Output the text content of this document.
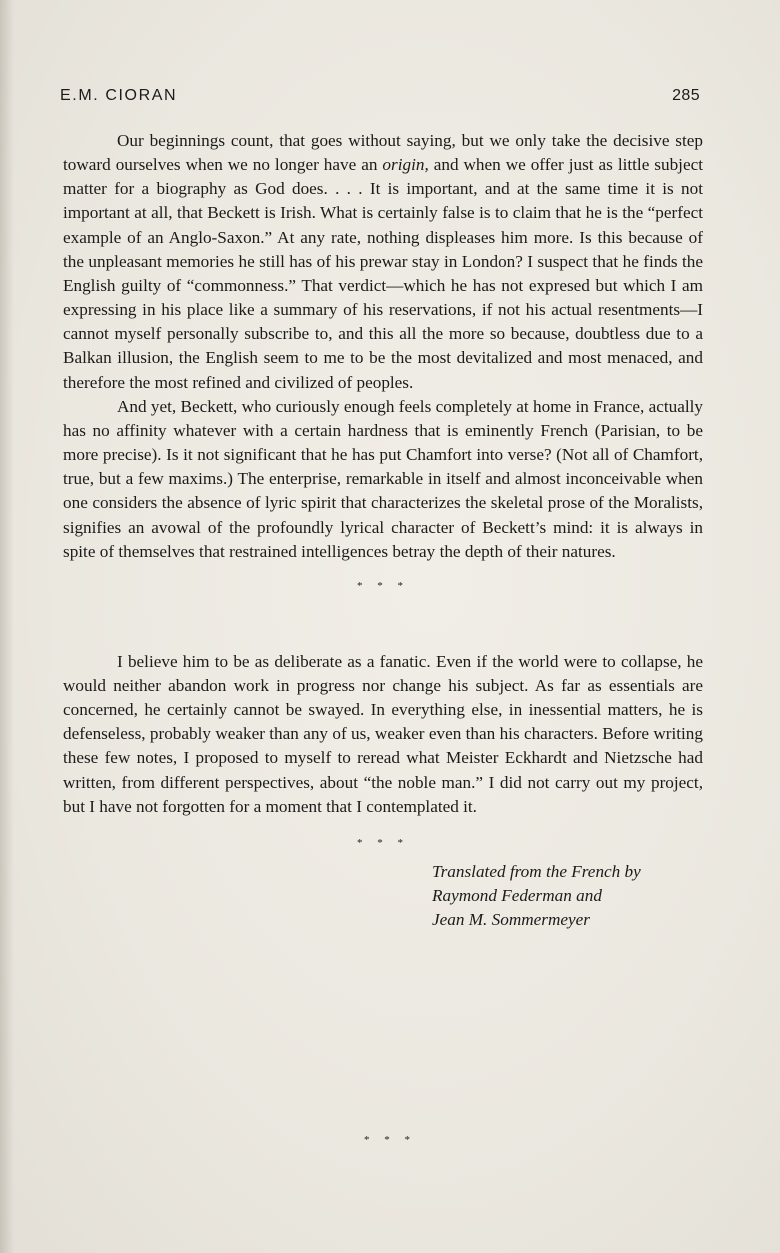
E.M. CIORAN	285

Our beginnings count, that goes without saying, but we only take the decisive step toward ourselves when we no longer have an origin, and when we offer just as little subject matter for a biography as God does. . . . It is important, and at the same time it is not important at all, that Beckett is Irish. What is certainly false is to claim that he is the “perfect example of an Anglo-Saxon.” At any rate, nothing displeases him more. Is this because of the unpleasant memories he still has of his prewar stay in London? I suspect that he finds the English guilty of “commonness.” That verdict—which he has not expresed but which I am expressing in his place like a summary of his reservations, if not his actual resentments—I cannot myself personally subscribe to, and this all the more so because, doubtless due to a Balkan illusion, the English seem to me to be the most devitalized and most menaced, and therefore the most refined and civilized of peoples.

And yet, Beckett, who curiously enough feels completely at home in France, actually has no affinity whatever with a certain hardness that is eminently French (Parisian, to be more precise). Is it not significant that he has put Chamfort into verse? (Not all of Chamfort, true, but a few maxims.) The enterprise, remarkable in itself and almost inconceivable when one considers the absence of lyric spirit that characterizes the skeletal prose of the Moralists, signifies an avowal of the profoundly lyrical character of Beckett’s mind: it is always in spite of themselves that restrained intelligences betray the depth of their natures.

* * *

I believe him to be as deliberate as a fanatic. Even if the world were to collapse, he would neither abandon work in progress nor change his subject. As far as essentials are concerned, he certainly cannot be swayed. In everything else, in inessential matters, he is defenseless, probably weaker than any of us, weaker even than his characters. Before writing these few notes, I proposed to myself to reread what Meister Eckhardt and Nietzsche had written, from different perspectives, about “the noble man.” I did not carry out my project, but I have not forgotten for a moment that I contemplated it.

* * *
Translated from the French by
Raymond Federman and
Jean M. Sommermeyer
* * *
